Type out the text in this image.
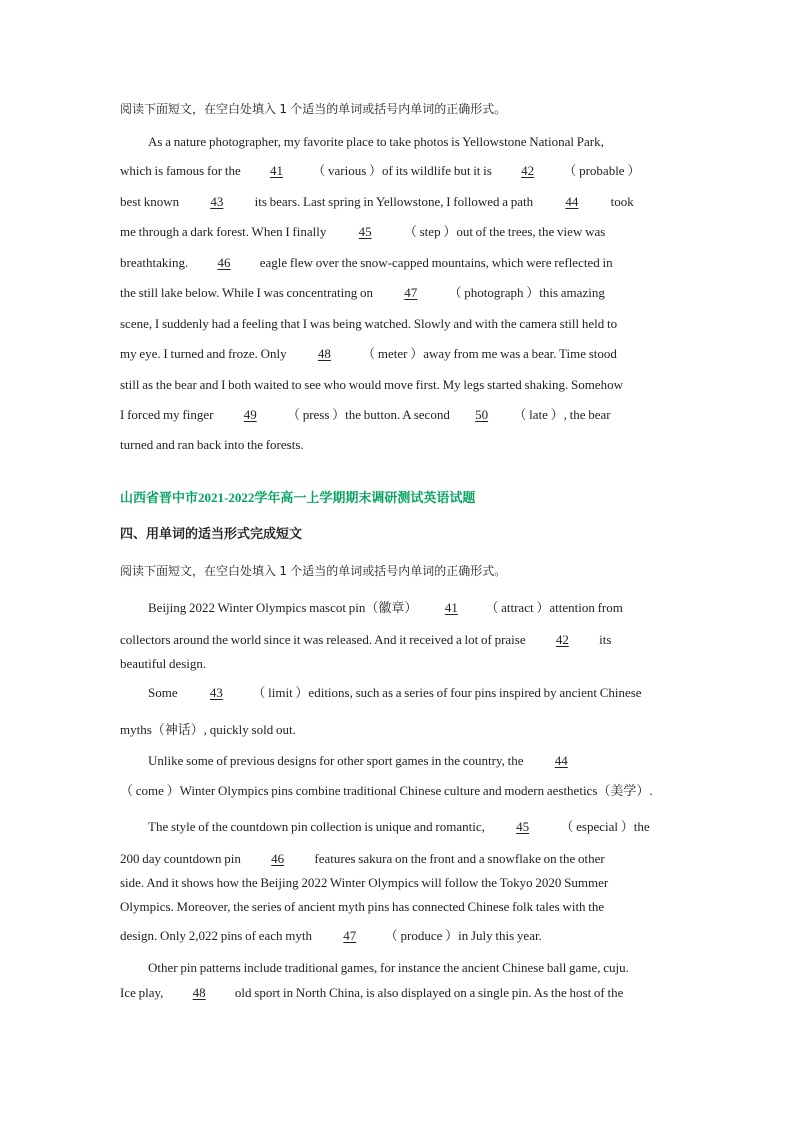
阅读下面短文，在空白处填入 1 个适当的单词或括号内单词的正确形式。
As a nature photographer, my favorite place to take photos is Yellowstone National Park,
which is famous for the 41 （ various ）of its wildlife but it is 42 （ probable ）
best known 43 its bears. Last spring in Yellowstone, I followed a path 44 took
me through a dark forest. When I finally 45 （ step ）out of the trees, the view was
breathtaking. 46 eagle flew over the snow-capped mountains, which were reflected in
the still lake below. While I was concentrating on 47 （ photograph ）this amazing
scene, I suddenly had a feeling that I was being watched. Slowly and with the camera still held to
my eye. I turned and froze. Only 48 （ meter ）away from me was a bear. Time stood
still as the bear and I both waited to see who would move first. My legs started shaking. Somehow
I forced my finger 49 （ press ）the button. A second 50 （ late ）, the bear
turned and ran back into the forests.
山西省晋中市2021-2022学年高一上学期期末调研测试英语试题
四、用单词的适当形式完成短文
阅读下面短文，在空白处填入 1 个适当的单词或括号内单词的正确形式。
Beijing 2022 Winter Olympics mascot pin（徽章） 41 （ attract ）attention from
collectors around the world since it was released. And it received a lot of praise 42 its
beautiful design.
Some 43 （ limit ）editions, such as a series of four pins inspired by ancient Chinese
myths（神话）, quickly sold out.
Unlike some of previous designs for other sport games in the country, the 44
（ come ）Winter Olympics pins combine traditional Chinese culture and modern aesthetics（美学）.
The style of the countdown pin collection is unique and romantic, 45 （ especial ）the
200 day countdown pin 46 features sakura on the front and a snowflake on the other
side. And it shows how the Beijing 2022 Winter Olympics will follow the Tokyo 2020 Summer
Olympics. Moreover, the series of ancient myth pins has connected Chinese folk tales with the
design. Only 2,022 pins of each myth 47 （ produce ）in July this year.
Other pin patterns include traditional games, for instance the ancient Chinese ball game, cuju.
Ice play, 48 old sport in North China, is also displayed on a single pin. As the host of the
